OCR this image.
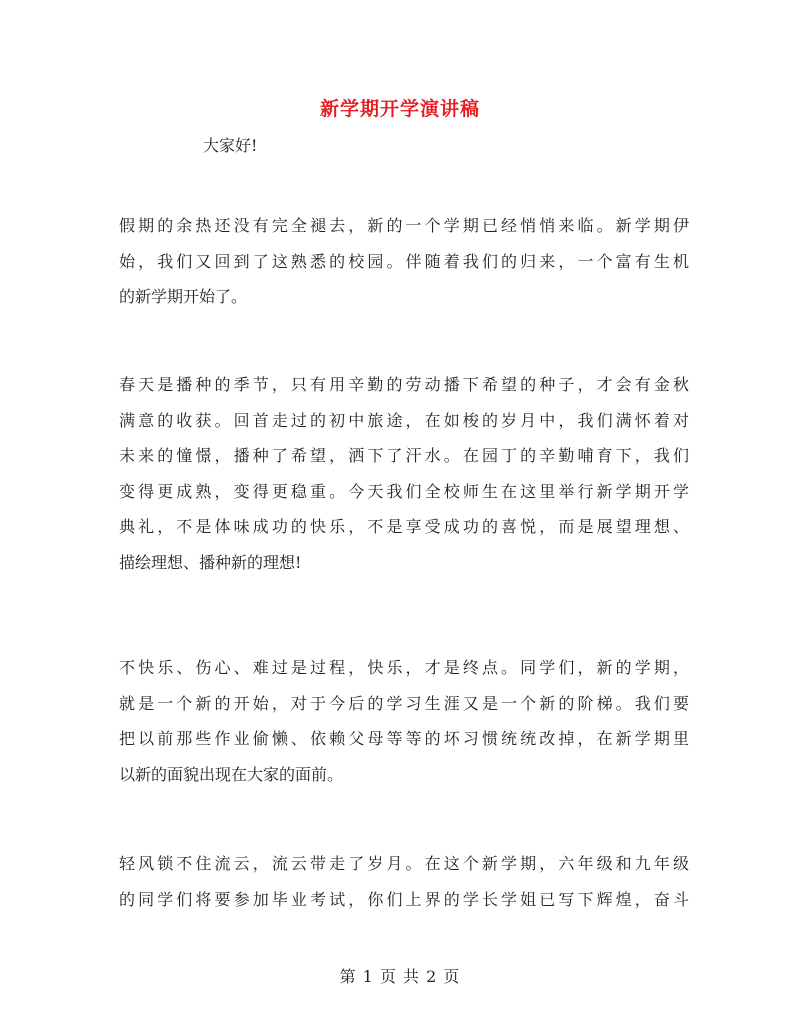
新学期开学演讲稿
大家好!
假期的余热还没有完全褪去，新的一个学期已经悄悄来临。新学期伊
始，我们又回到了这熟悉的校园。伴随着我们的归来，一个富有生机
的新学期开始了。
春天是播种的季节，只有用辛勤的劳动播下希望的种子，才会有金秋
满意的收获。回首走过的初中旅途，在如梭的岁月中，我们满怀着对
未来的憧憬，播种了希望，洒下了汗水。在园丁的辛勤哺育下，我们
变得更成熟，变得更稳重。今天我们全校师生在这里举行新学期开学
典礼，不是体味成功的快乐，不是享受成功的喜悦，而是展望理想、
描绘理想、播种新的理想!
不快乐、伤心、难过是过程，快乐，才是终点。同学们，新的学期，
就是一个新的开始，对于今后的学习生涯又是一个新的阶梯。我们要
把以前那些作业偷懒、依赖父母等等的坏习惯统统改掉，在新学期里
以新的面貌出现在大家的面前。
轻风锁不住流云，流云带走了岁月。在这个新学期，六年级和九年级
的同学们将要参加毕业考试，你们上界的学长学姐已写下辉煌，奋斗
第 1 页 共 2 页
